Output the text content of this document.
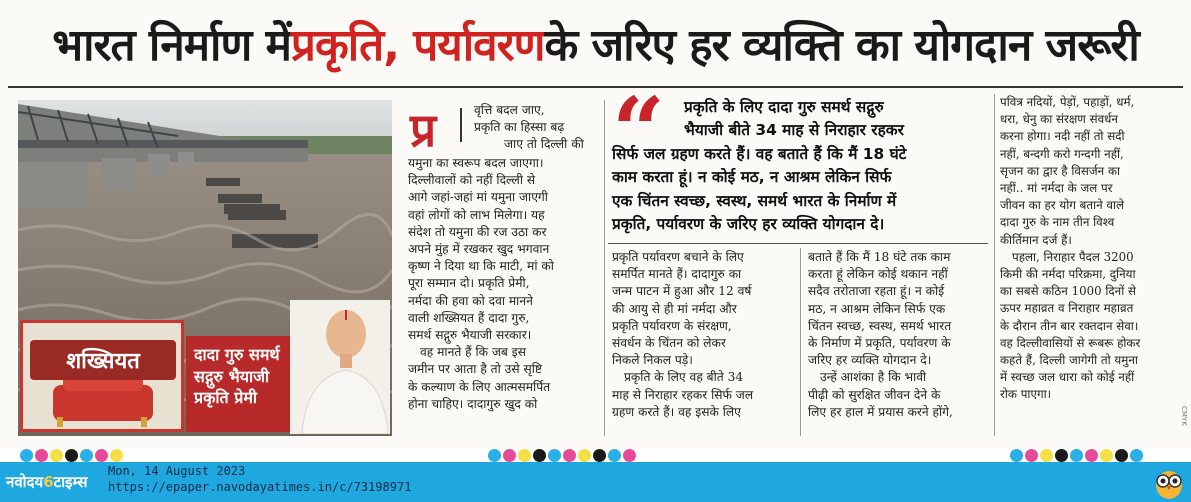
भारत निर्माण में प्रकृति, पर्यावरण के जरिए हर व्यक्ति का योगदान जरूरी
शख्सियत	दादा गुरु समर्थ
सद्गुरु भैयाजी
प्रकृति प्रेमी
प्र	वृत्ति बदल जाए,

प्रकृति का हिस्सा बढ़

जाए तो दिल्ली की

यमुना का स्वरूप बदल जाएगा।

दिल्लीवालों को नहीं दिल्ली से

आगे जहां-जहां मां यमुना जाएगी

वहां लोगों को लाभ मिलेगा। यह

संदेश तो यमुना की रज उठा कर

अपने मुंह में रखकर खुद भगवान

कृष्ण ने दिया था कि माटी, मां को

पूरा सम्मान दो। प्रकृति प्रेमी,

नर्मदा की हवा को दवा मानने

वाली शख्सियत हैं दादा गुरु,

समर्थ सद्गुरु भैयाजी सरकार।

वह मानते हैं कि जब इस

जमीन पर आता है तो उसे सृष्टि

के कल्याण के लिए आत्मसमर्पित

होना चाहिए। दादागुरु खुद को

“	प्रकृति के लिए दादा गुरु समर्थ सद्गुरु
भैयाजी बीते 34 माह से निराहार रहकर
सिर्फ जल ग्रहण करते हैं। वह बताते हैं कि मैं 18 घंटे
काम करता हूं। न कोई मठ, न आश्रम लेकिन सिर्फ
एक चिंतन स्वच्छ, स्वस्थ, समर्थ भारत के निर्माण में
प्रकृति, पर्यावरण के जरिए हर व्यक्ति योगदान दे।

प्रकृति पर्यावरण बचाने के लिए

समर्पित मानते हैं। दादागुरु का

जन्म पाटन में हुआ और 12 वर्ष

की आयु से ही मां नर्मदा और

प्रकृति पर्यावरण के संरक्षण,

संवर्धन के चिंतन को लेकर

निकले निकल पड़े।

प्रकृति के लिए वह बीते 34

माह से निराहार रहकर सिर्फ जल

ग्रहण करते हैं। वह इसके लिए

बताते हैं कि मैं 18 घंटे तक काम

करता हूं लेकिन कोई थकान नहीं

सदैव तरोताजा रहता हूं। न कोई

मठ, न आश्रम लेकिन सिर्फ एक

चिंतन स्वच्छ, स्वस्थ, समर्थ भारत

के निर्माण में प्रकृति, पर्यावरण के

जरिए हर व्यक्ति योगदान दे।

उन्हें आशंका है कि भावी

पीढ़ी को सुरक्षित जीवन देने के

लिए हर हाल में प्रयास करने होंगे,

पवित्र नदियों, पेड़ों, पहाड़ों, धर्म,

धरा, धेनु का संरक्षण संवर्धन

करना होगा। नदी नहीं तो सदी

नहीं, बन्दगी करो गन्दगी नहीं,

सृजन का द्वार है विसर्जन का

नहीं.. मां नर्मदा के जल पर

जीवन का हर योग बताने वाले

दादा गुरु के नाम तीन विश्व

कीर्तिमान दर्ज हैं।

पहला, निराहार पैदल 3200

किमी की नर्मदा परिक्रमा, दुनिया

का सबसे कठिन 1000 दिनों से

ऊपर महाव्रत व निराहार महाव्रत

के दौरान तीन बार रक्तदान सेवा।

वह दिल्लीवासियों से रूबरू होकर

कहते हैं, दिल्ली जागेगी तो यमुना

में स्वच्छ जल धारा को कोई नहीं

रोक पाएगा।

CMYK
नवोदय6टाइम्स
Mon, 14 August 2023
https://epaper.navodayatimes.in/c/73198971
